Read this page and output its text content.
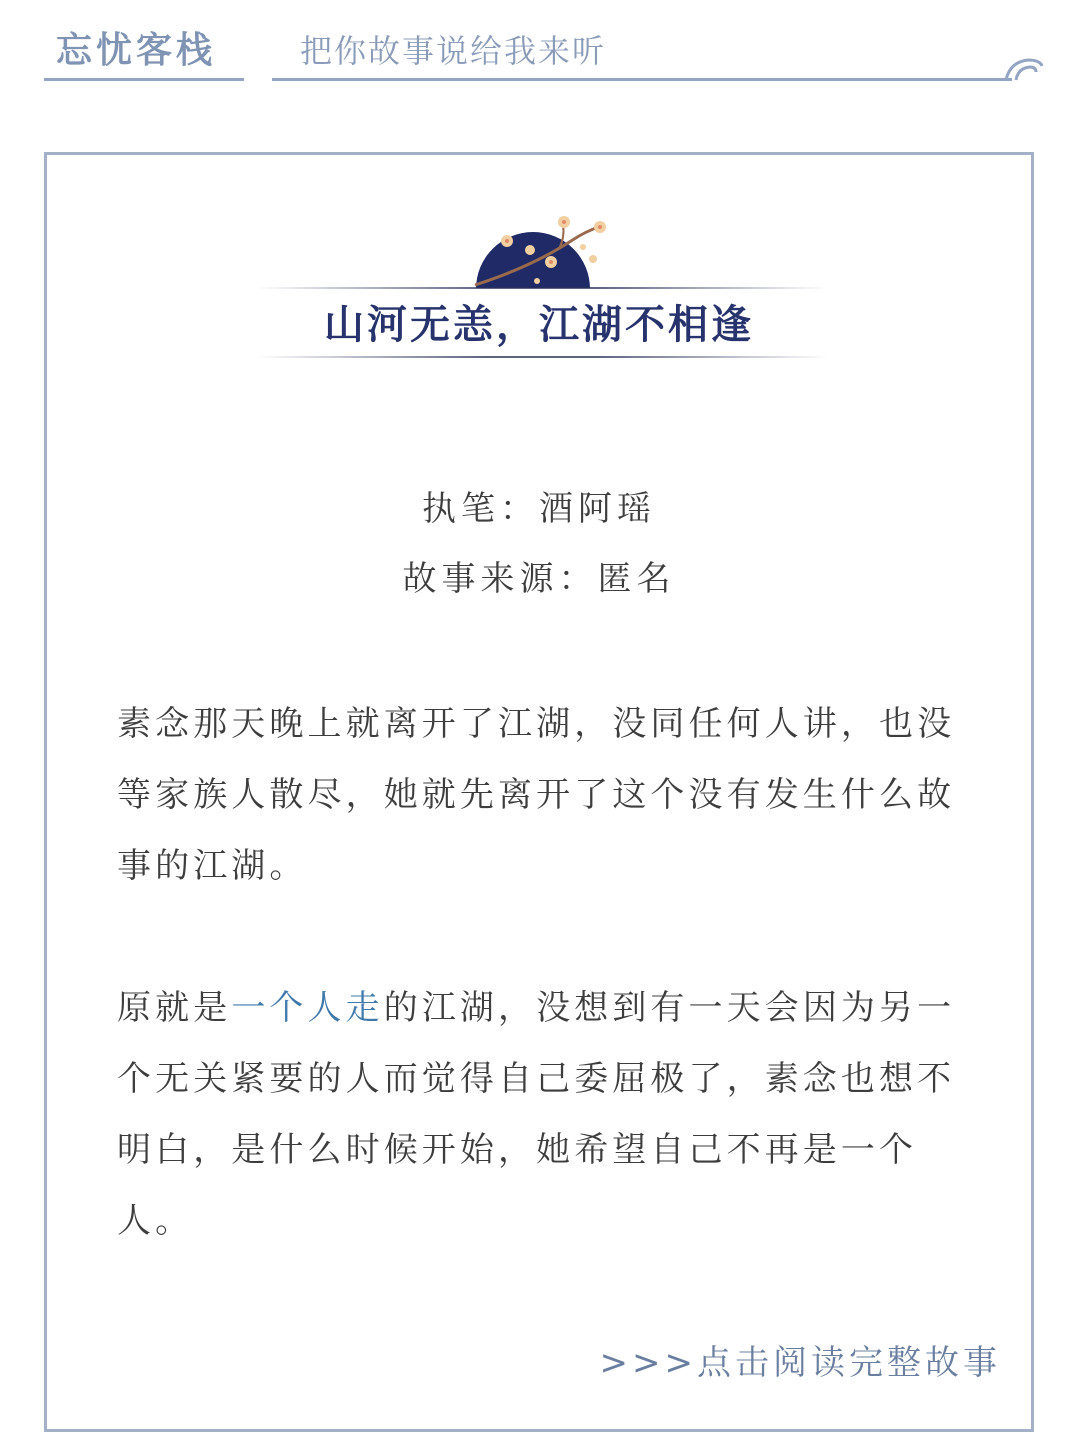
忘忧客栈	把你故事说给我来听
山河无恙，江湖不相逢
执笔：酒阿瑶
故事来源：匿名

素念那天晚上就离开了江湖，没同任何人讲，也没等家族人散尽，她就先离开了这个没有发生什么故事的江湖。

原就是一个人走的江湖，没想到有一天会因为另一个无关紧要的人而觉得自己委屈极了，素念也想不明白，是什么时候开始，她希望自己不再是一个人。

>>>点击阅读完整故事
